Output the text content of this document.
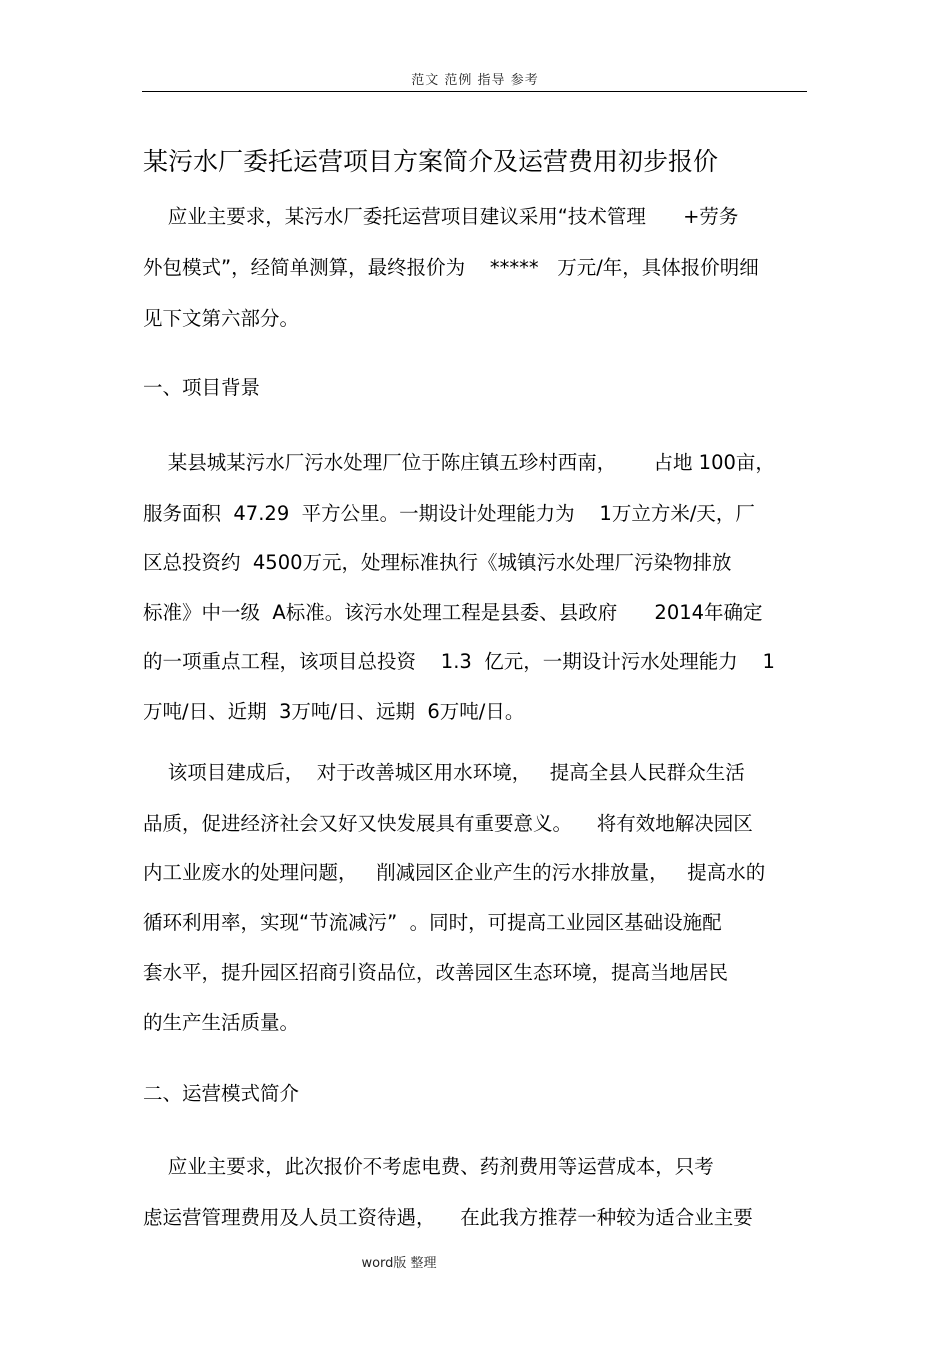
范文 范例 指导 参考
某污水厂委托运营项目方案简介及运营费用初步报价
应业主要求，某污水厂委托运营项目建议采用“技术管理      +劳务
外包模式”，经简单测算，最终报价为    *****   万元/年，具体报价明细
见下文第六部分。
一、项目背景
某县城某污水厂污水处理厂位于陈庄镇五珍村西南，      占地 100亩，
服务面积  47.29  平方公里。一期设计处理能力为    1万立方米/天，厂
区总投资约  4500万元，处理标准执行《城镇污水处理厂污染物排放
标准》中一级  A标准。该污水处理工程是县委、县政府      2014年确定
的一项重点工程，该项目总投资    1.3  亿元，一期设计污水处理能力    1
万吨/日、近期  3万吨/日、远期  6万吨/日。
该项目建成后，  对于改善城区用水环境，   提高全县人民群众生活
品质，促进经济社会又好又快发展具有重要意义。    将有效地解决园区
内工业废水的处理问题，   削减园区企业产生的污水排放量，   提高水的
循环利用率，实现“节流减污”  。同时，可提高工业园区基础设施配
套水平，提升园区招商引资品位，改善园区生态环境，提高当地居民
的生产生活质量。
二、运营模式简介
应业主要求，此次报价不考虑电费、药剂费用等运营成本，只考
虑运营管理费用及人员工资待遇，    在此我方推荐一种较为适合业主要
word版 整理
